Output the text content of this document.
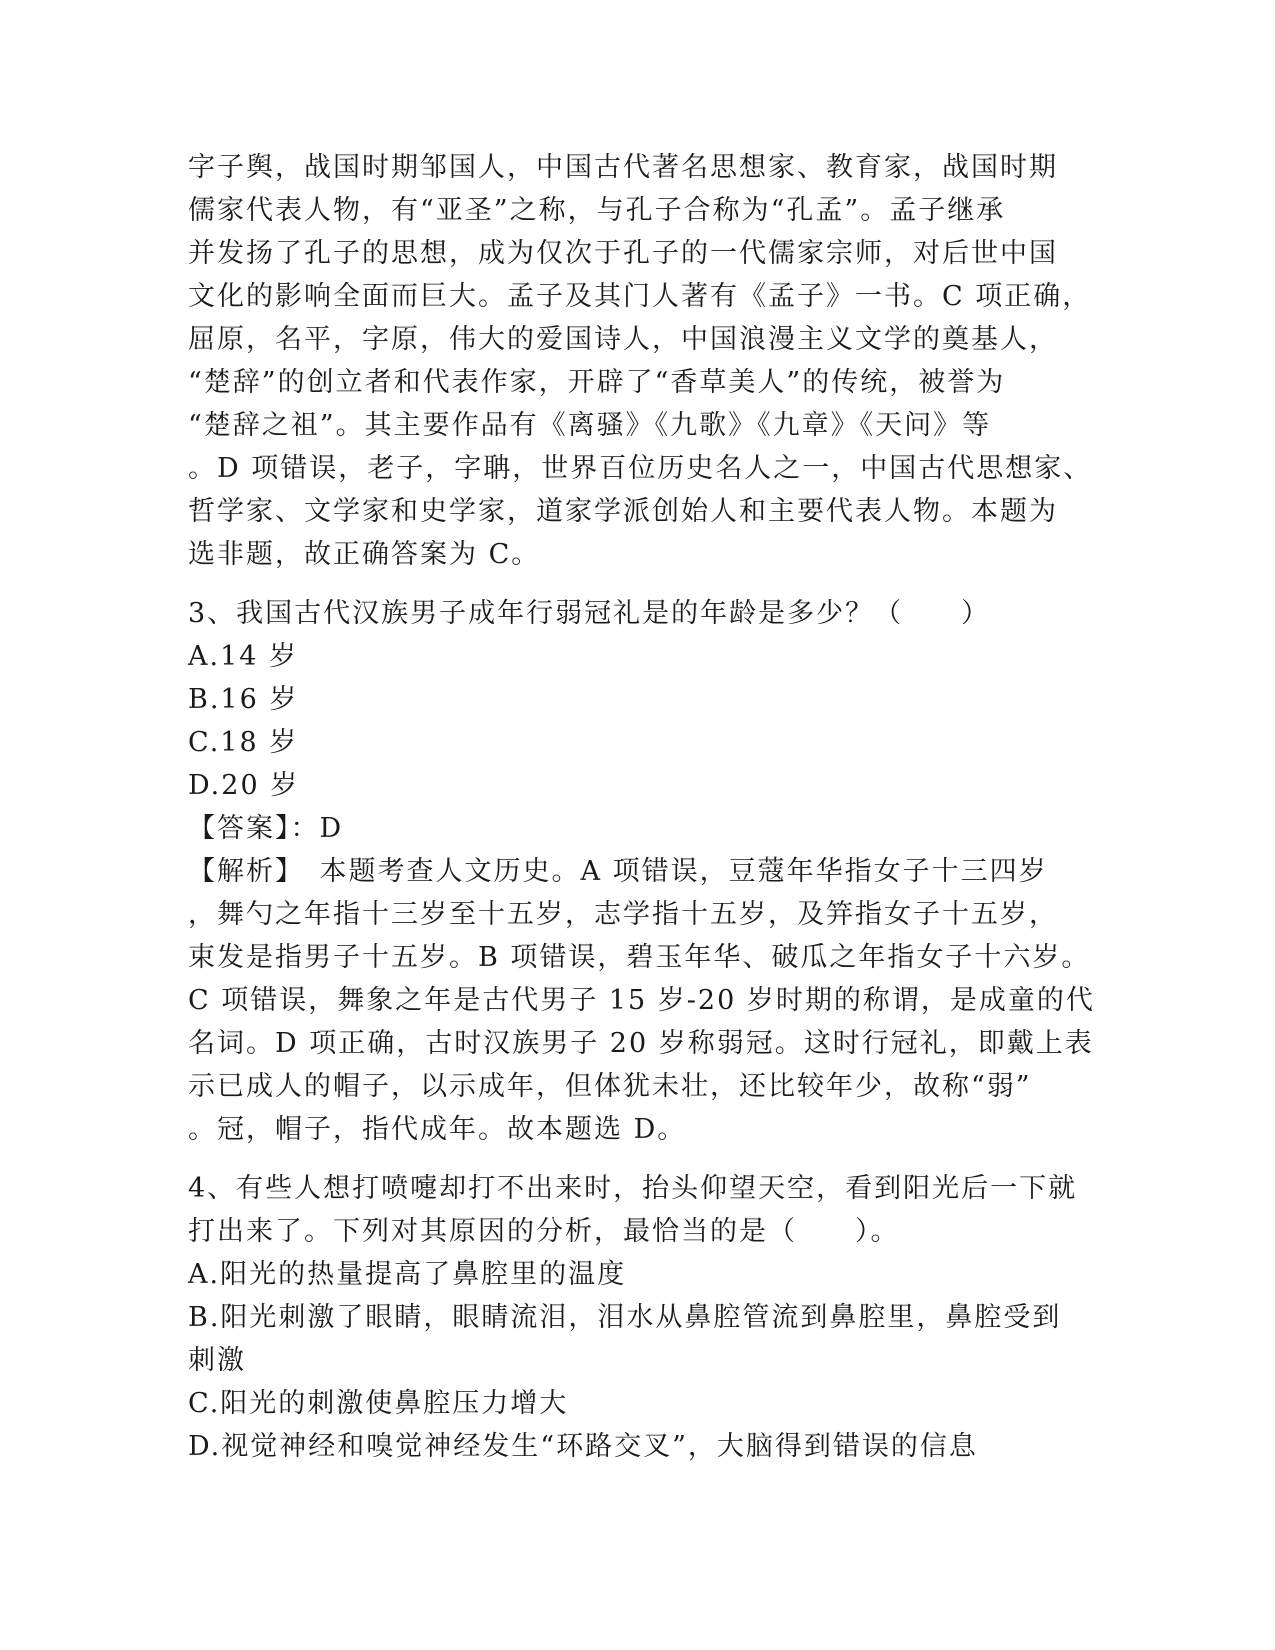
字子舆，战国时期邹国人，中国古代著名思想家、教育家，战国时期
儒家代表人物，有“亚圣”之称，与孔子合称为“孔孟”。孟子继承
并发扬了孔子的思想，成为仅次于孔子的一代儒家宗师，对后世中国
文化的影响全面而巨大。孟子及其门人著有《孟子》一书。C 项正确，
屈原，名平，字原，伟大的爱国诗人，中国浪漫主义文学的奠基人，
“楚辞”的创立者和代表作家，开辟了“香草美人”的传统，被誉为
“楚辞之祖”。其主要作品有《离骚》《九歌》《九章》《天问》等
。D 项错误，老子，字聃，世界百位历史名人之一，中国古代思想家、
哲学家、文学家和史学家，道家学派创始人和主要代表人物。本题为
选非题，故正确答案为 C。
3、我国古代汉族男子成年行弱冠礼是的年龄是多少？（　　）
A.14 岁
B.16 岁
C.18 岁
D.20 岁
【答案】：D
【解析】　本题考查人文历史。A 项错误，豆蔻年华指女子十三四岁
，舞勺之年指十三岁至十五岁，志学指十五岁，及笄指女子十五岁，
束发是指男子十五岁。B 项错误，碧玉年华、破瓜之年指女子十六岁。
C 项错误，舞象之年是古代男子 15 岁-20 岁时期的称谓，是成童的代
名词。D 项正确，古时汉族男子 20 岁称弱冠。这时行冠礼，即戴上表
示已成人的帽子，以示成年，但体犹未壮，还比较年少，故称“弱”
。冠，帽子，指代成年。故本题选 D。
4、有些人想打喷嚏却打不出来时，抬头仰望天空，看到阳光后一下就
打出来了。下列对其原因的分析，最恰当的是（　　）。
A.阳光的热量提高了鼻腔里的温度
B.阳光刺激了眼睛，眼睛流泪，泪水从鼻腔管流到鼻腔里，鼻腔受到
刺激
C.阳光的刺激使鼻腔压力增大
D.视觉神经和嗅觉神经发生“环路交叉”，大脑得到错误的信息
